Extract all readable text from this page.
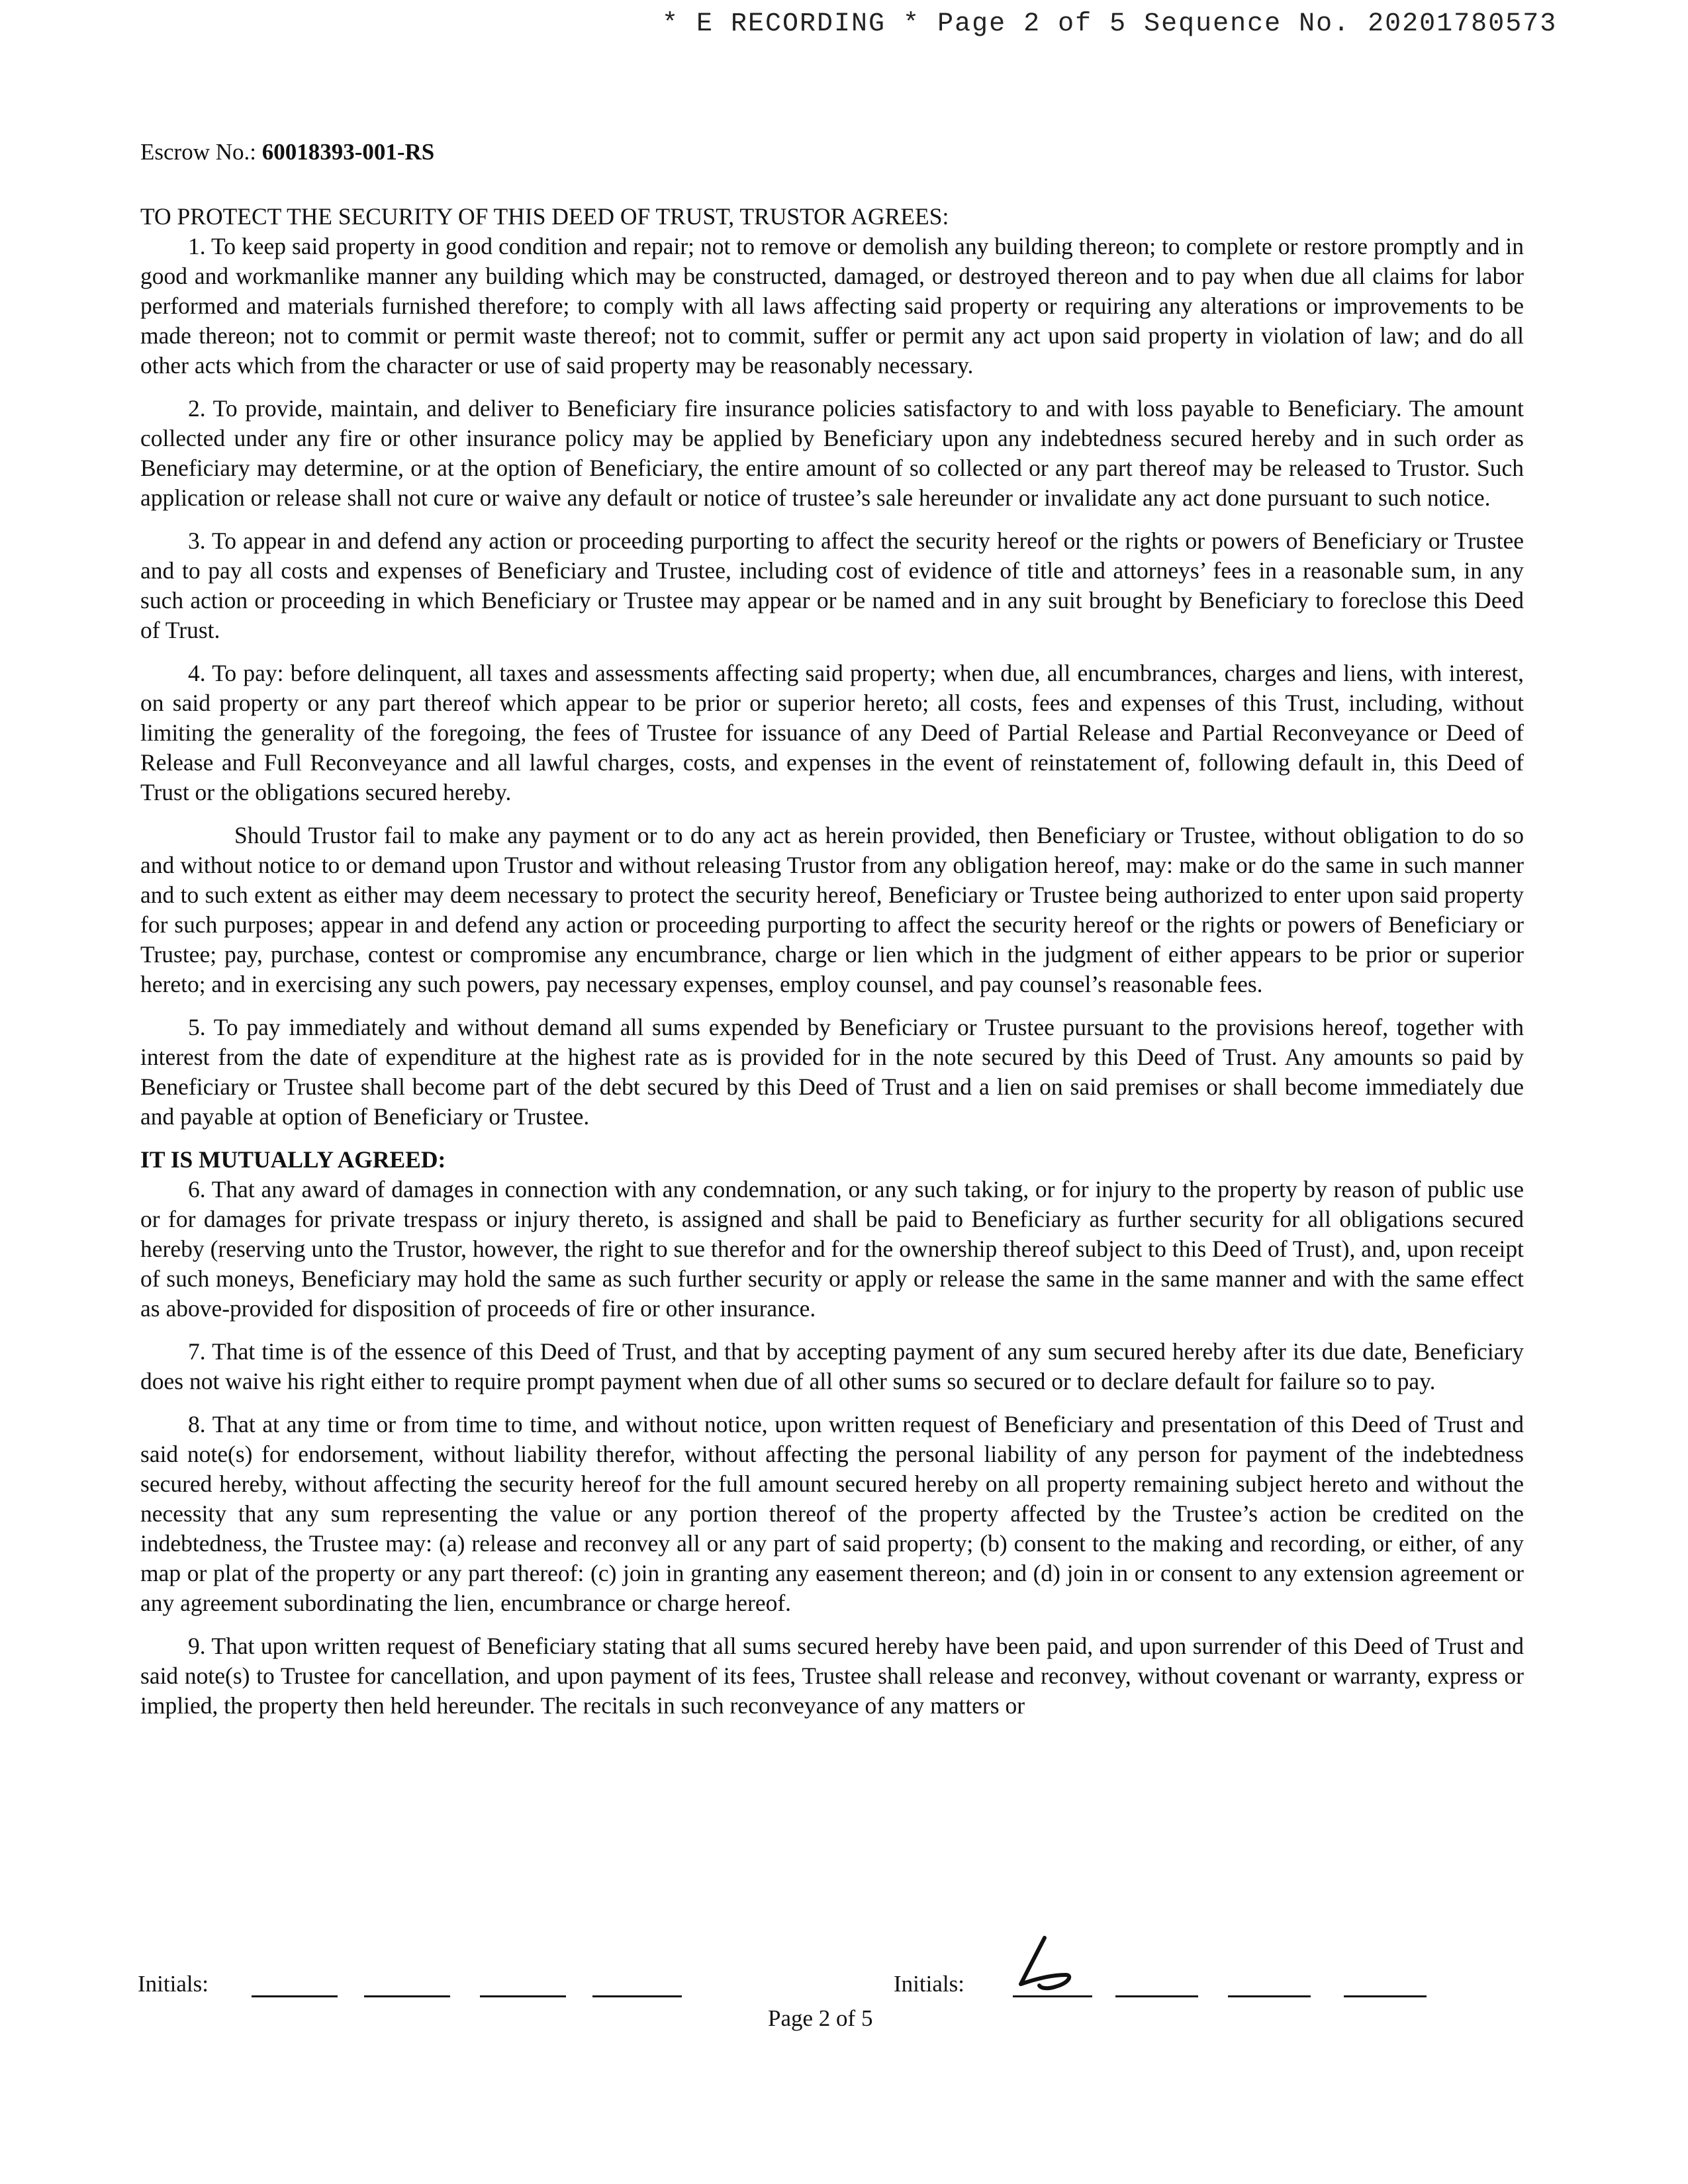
* E RECORDING * Page 2 of 5 Sequence No. 20201780573
Escrow No.: 60018393-001-RS

TO PROTECT THE SECURITY OF THIS DEED OF TRUST, TRUSTOR AGREES:

1. To keep said property in good condition and repair; not to remove or demolish any building thereon; to complete or restore promptly and in good and workmanlike manner any building which may be constructed, damaged, or destroyed thereon and to pay when due all claims for labor performed and materials furnished therefore; to comply with all laws affecting said property or requiring any alterations or improvements to be made thereon; not to commit or permit waste thereof; not to commit, suffer or permit any act upon said property in violation of law; and do all other acts which from the character or use of said property may be reasonably necessary.

2. To provide, maintain, and deliver to Beneficiary fire insurance policies satisfactory to and with loss payable to Beneficiary. The amount collected under any fire or other insurance policy may be applied by Beneficiary upon any indebtedness secured hereby and in such order as Beneficiary may determine, or at the option of Beneficiary, the entire amount of so collected or any part thereof may be released to Trustor. Such application or release shall not cure or waive any default or notice of trustee’s sale hereunder or invalidate any act done pursuant to such notice.

3. To appear in and defend any action or proceeding purporting to affect the security hereof or the rights or powers of Beneficiary or Trustee and to pay all costs and expenses of Beneficiary and Trustee, including cost of evidence of title and attorneys’ fees in a reasonable sum, in any such action or proceeding in which Beneficiary or Trustee may appear or be named and in any suit brought by Beneficiary to foreclose this Deed of Trust.

4. To pay: before delinquent, all taxes and assessments affecting said property; when due, all encumbrances, charges and liens, with interest, on said property or any part thereof which appear to be prior or superior hereto; all costs, fees and expenses of this Trust, including, without limiting the generality of the foregoing, the fees of Trustee for issuance of any Deed of Partial Release and Partial Reconveyance or Deed of Release and Full Reconveyance and all lawful charges, costs, and expenses in the event of reinstatement of, following default in, this Deed of Trust or the obligations secured hereby.

Should Trustor fail to make any payment or to do any act as herein provided, then Beneficiary or Trustee, without obligation to do so and without notice to or demand upon Trustor and without releasing Trustor from any obligation hereof, may: make or do the same in such manner and to such extent as either may deem necessary to protect the security hereof, Beneficiary or Trustee being authorized to enter upon said property for such purposes; appear in and defend any action or proceeding purporting to affect the security hereof or the rights or powers of Beneficiary or Trustee; pay, purchase, contest or compromise any encumbrance, charge or lien which in the judgment of either appears to be prior or superior hereto; and in exercising any such powers, pay necessary expenses, employ counsel, and pay counsel’s reasonable fees.

5. To pay immediately and without demand all sums expended by Beneficiary or Trustee pursuant to the provisions hereof, together with interest from the date of expenditure at the highest rate as is provided for in the note secured by this Deed of Trust. Any amounts so paid by Beneficiary or Trustee shall become part of the debt secured by this Deed of Trust and a lien on said premises or shall become immediately due and payable at option of Beneficiary or Trustee.

IT IS MUTUALLY AGREED:

6. That any award of damages in connection with any condemnation, or any such taking, or for injury to the property by reason of public use or for damages for private trespass or injury thereto, is assigned and shall be paid to Beneficiary as further security for all obligations secured hereby (reserving unto the Trustor, however, the right to sue therefor and for the ownership thereof subject to this Deed of Trust), and, upon receipt of such moneys, Beneficiary may hold the same as such further security or apply or release the same in the same manner and with the same effect as above-provided for disposition of proceeds of fire or other insurance.

7. That time is of the essence of this Deed of Trust, and that by accepting payment of any sum secured hereby after its due date, Beneficiary does not waive his right either to require prompt payment when due of all other sums so secured or to declare default for failure so to pay.

8. That at any time or from time to time, and without notice, upon written request of Beneficiary and presentation of this Deed of Trust and said note(s) for endorsement, without liability therefor, without affecting the personal liability of any person for payment of the indebtedness secured hereby, without affecting the security hereof for the full amount secured hereby on all property remaining subject hereto and without the necessity that any sum representing the value or any portion thereof of the property affected by the Trustee’s action be credited on the indebtedness, the Trustee may: (a) release and reconvey all or any part of said property; (b) consent to the making and recording, or either, of any map or plat of the property or any part thereof: (c) join in granting any easement thereon; and (d) join in or consent to any extension agreement or any agreement subordinating the lien, encumbrance or charge hereof.

9. That upon written request of Beneficiary stating that all sums secured hereby have been paid, and upon surrender of this Deed of Trust and said note(s) to Trustee for cancellation, and upon payment of its fees, Trustee shall release and reconvey, without covenant or warranty, express or implied, the property then held hereunder. The recitals in such reconveyance of any matters or

Initials:	Initials:
Page 2 of 5
